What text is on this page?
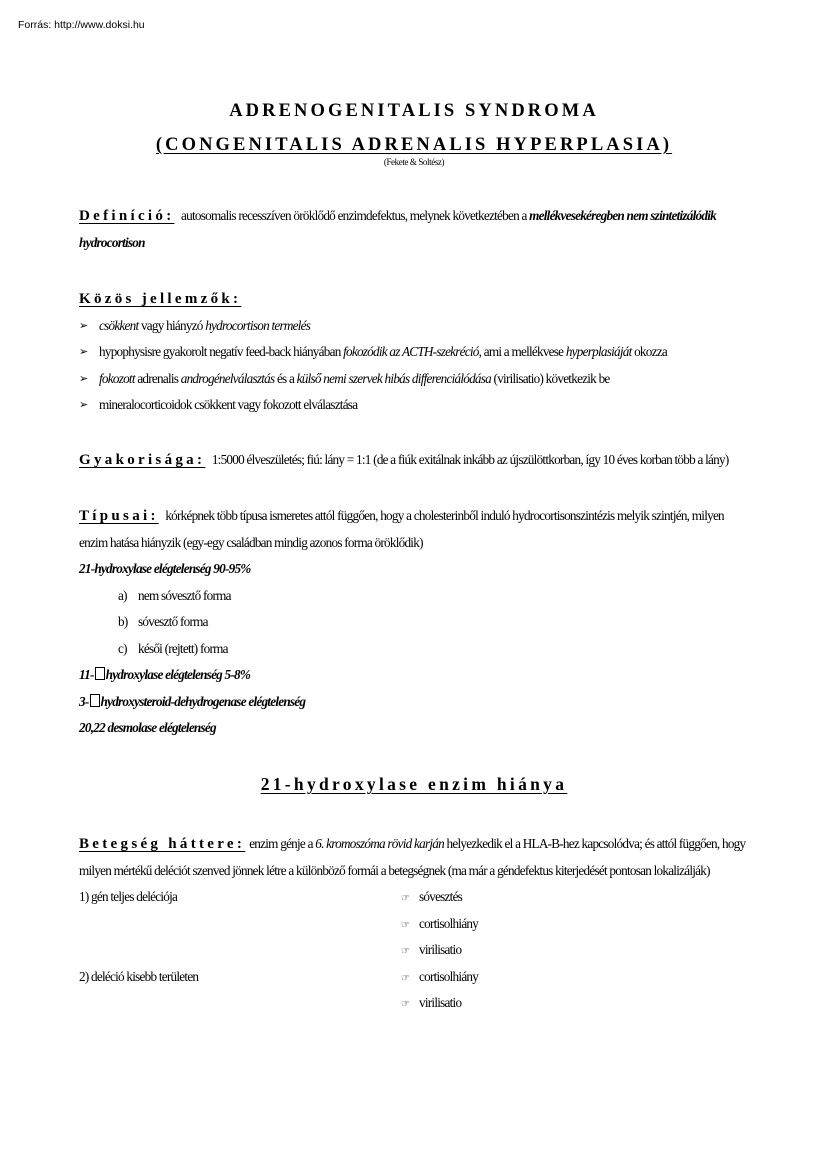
Forrás: http://www.doksi.hu

ADRENOGENITALIS SYNDROMA

(CONGENITALIS ADRENALIS HYPERPLASIA)

(Fekete & Soltész)
Definíció: autosomalis recesszíven öröklődő enzimdefektus, melynek következtében a mellékvesekéregben nem szintetizálódik hydrocortison
Közös jellemzők:
➢ csökkent vagy hiányzó hydrocortison termelés
➢ hypophysisre gyakorolt negatív feed-back hiányában fokozódik az ACTH-szekréció, ami a mellékvese hyperplasiáját okozza
➢ fokozott adrenalis androgénelválasztás és a külső nemi szervek hibás differenciálódása (virilisatio) következik be
➢ mineralocorticoidok csökkent vagy fokozott elválasztása
Gyakorisága: 1:5000 élveszületés; fiú: lány = 1:1 (de a fiúk exitálnak inkább az újszülöttkorban, így 10 éves korban több a lány)
Típusai: kórképnek több típusa ismeretes attól függően, hogy a cholesterinből induló hydrocortisonszintézis melyik szintjén, milyen enzim hatása hiányzik (egy-egy családban mindig azonos forma öröklődik)
21-hydroxylase elégtelenség 90-95%
a) nem sóvesztő forma
b) sóvesztő forma
c) késői (rejtett) forma
11- hydroxylase elégtelenség 5-8%
3- hydroxysteroid-dehydrogenase elégtelenség
20,22 desmolase elégtelenség
21-hydroxylase enzim hiánya
Betegség háttere: enzim génje a 6. kromoszóma rövid karján helyezkedik el a HLA-B-hez kapcsolódva; és attól függően, hogy milyen mértékű deléciót szenved jönnek létre a különböző formái a betegségnek (ma már a géndefektus kiterjedését pontosan lokalizálják)
1) gén teljes deléciója	☞ sóvesztés
☞ cortisolhiány
☞ virilisatio
2) deléció kisebb területen	☞ cortisolhiány
☞ virilisatio
